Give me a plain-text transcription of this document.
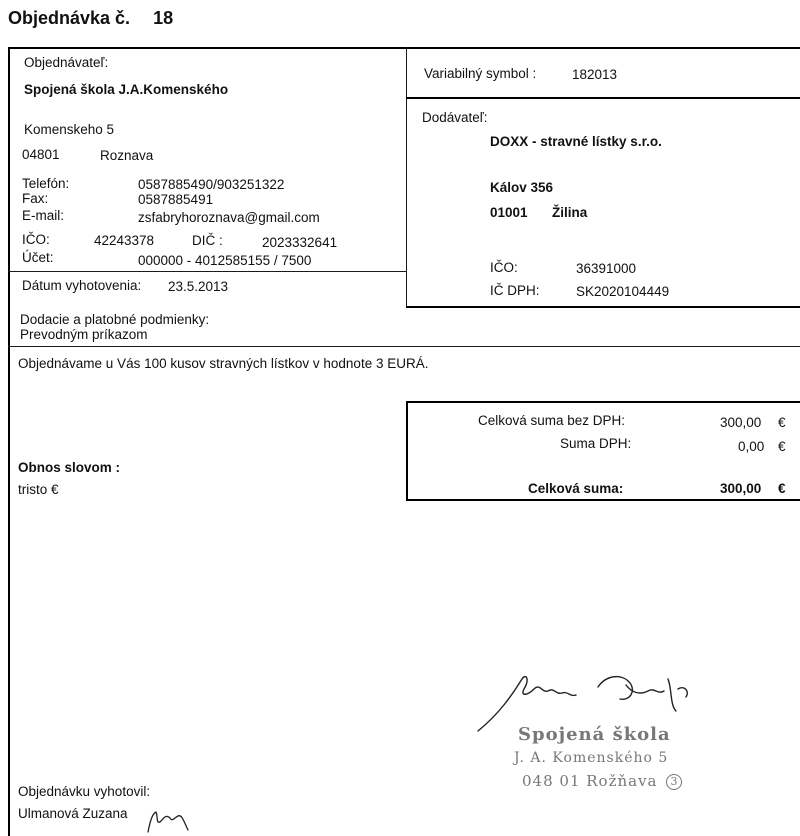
Objednávka č. 18
Objednávateľ:
Spojená škola J.A.Komenského
Komenskeho 5
04801	Roznava
Telefón:	0587885490/903251322
Fax:	0587885491
E-mail:	zsfabryhoroznava@gmail.com
IČO:	42243378	DIČ :	2023332641
Účet:	000000 - 4012585155 / 7500
Dátum vyhotovenia: 23.5.2013
Variabilný symbol :	182013
Dodávateľ:
DOXX - stravné lístky s.r.o.
Kálov 356
01001 Žilina
IČO:	36391000
IČ DPH:	SK2020104449
Dodacie a platobné podmienky:
Prevodným príkazom
Objednávame u Vás 100 kusov stravných lístkov v hodnote 3 EURÁ.
Celková suma bez DPH:	300,00 €
Suma DPH:	0,00 €
Celková suma:	300,00 €
Obnos slovom :
tristo €
Spojená škola
J. A. Komenského 5
048 01 Rožňava	3
Objednávku vyhotovil:
Ulmanová Zuzana
